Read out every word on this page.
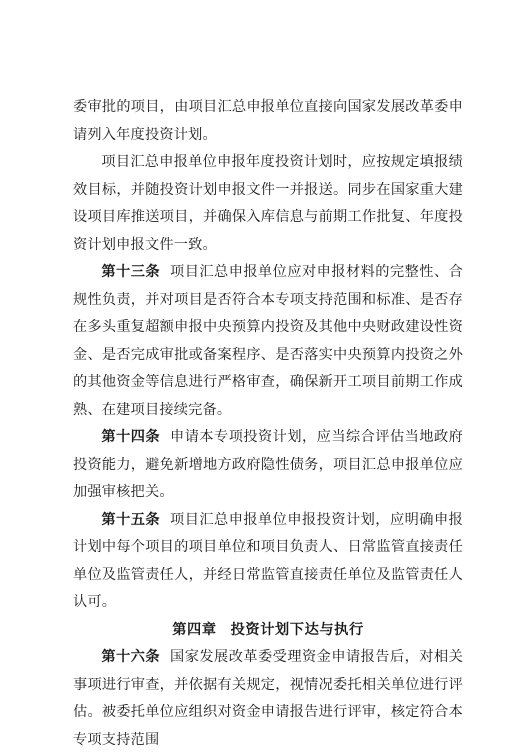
委审批的项目，由项目汇总申报单位直接向国家发展改革委申请列入年度投资计划。

项目汇总申报单位申报年度投资计划时，应按规定填报绩效目标，并随投资计划申报文件一并报送。同步在国家重大建设项目库推送项目，并确保入库信息与前期工作批复、年度投资计划申报文件一致。

第十三条 项目汇总申报单位应对申报材料的完整性、合规性负责，并对项目是否符合本专项支持范围和标准、是否存在多头重复超额申报中央预算内投资及其他中央财政建设性资金、是否完成审批或备案程序、是否落实中央预算内投资之外的其他资金等信息进行严格审查，确保新开工项目前期工作成熟、在建项目接续完备。

第十四条 申请本专项投资计划，应当综合评估当地政府投资能力，避免新增地方政府隐性债务，项目汇总申报单位应加强审核把关。

第十五条 项目汇总申报单位申报投资计划，应明确申报计划中每个项目的项目单位和项目负责人、日常监管直接责任单位及监管责任人，并经日常监管直接责任单位及监管责任人认可。

第四章 投资计划下达与执行

第十六条 国家发展改革委受理资金申请报告后，对相关事项进行审查，并依据有关规定，视情况委托相关单位进行评估。被委托单位应组织对资金申请报告进行评审，核定符合本专项支持范围
